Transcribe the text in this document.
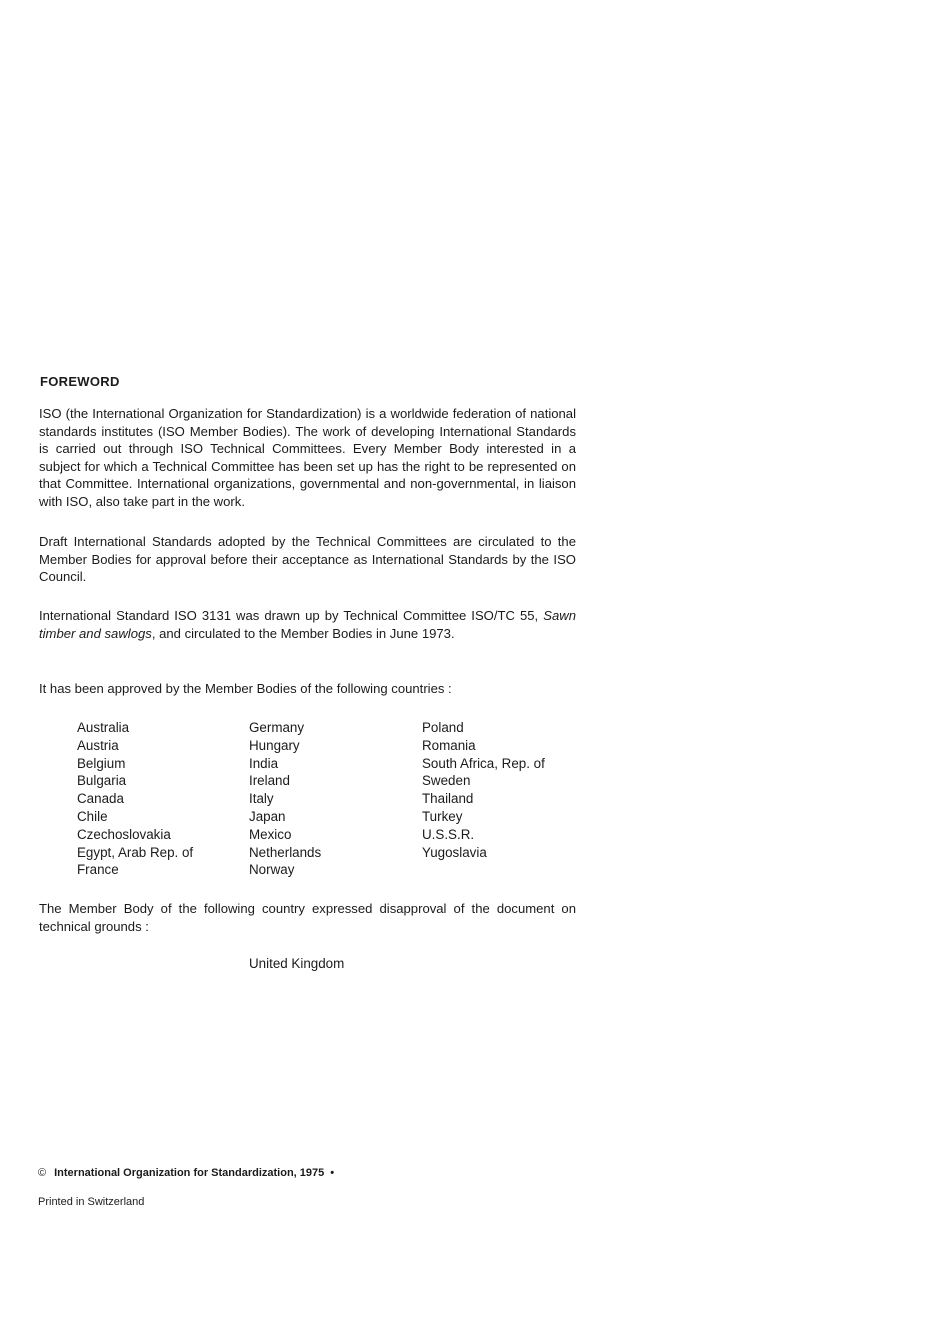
FOREWORD
ISO (the International Organization for Standardization) is a worldwide federation of national standards institutes (ISO Member Bodies). The work of developing International Standards is carried out through ISO Technical Committees. Every Member Body interested in a subject for which a Technical Committee has been set up has the right to be represented on that Committee. International organizations, governmental and non-governmental, in liaison with ISO, also take part in the work.
Draft International Standards adopted by the Technical Committees are circulated to the Member Bodies for approval before their acceptance as International Standards by the ISO Council.
International Standard ISO 3131 was drawn up by Technical Committee ISO/TC 55, Sawn timber and sawlogs, and circulated to the Member Bodies in June 1973.
It has been approved by the Member Bodies of the following countries :
Australia
Austria
Belgium
Bulgaria
Canada
Chile
Czechoslovakia
Egypt, Arab Rep. of
France
Germany
Hungary
India
Ireland
Italy
Japan
Mexico
Netherlands
Norway
Poland
Romania
South Africa, Rep. of
Sweden
Thailand
Turkey
U.S.S.R.
Yugoslavia
The Member Body of the following country expressed disapproval of the document on technical grounds :
United Kingdom
© International Organization for Standardization, 1975 •
Printed in Switzerland
